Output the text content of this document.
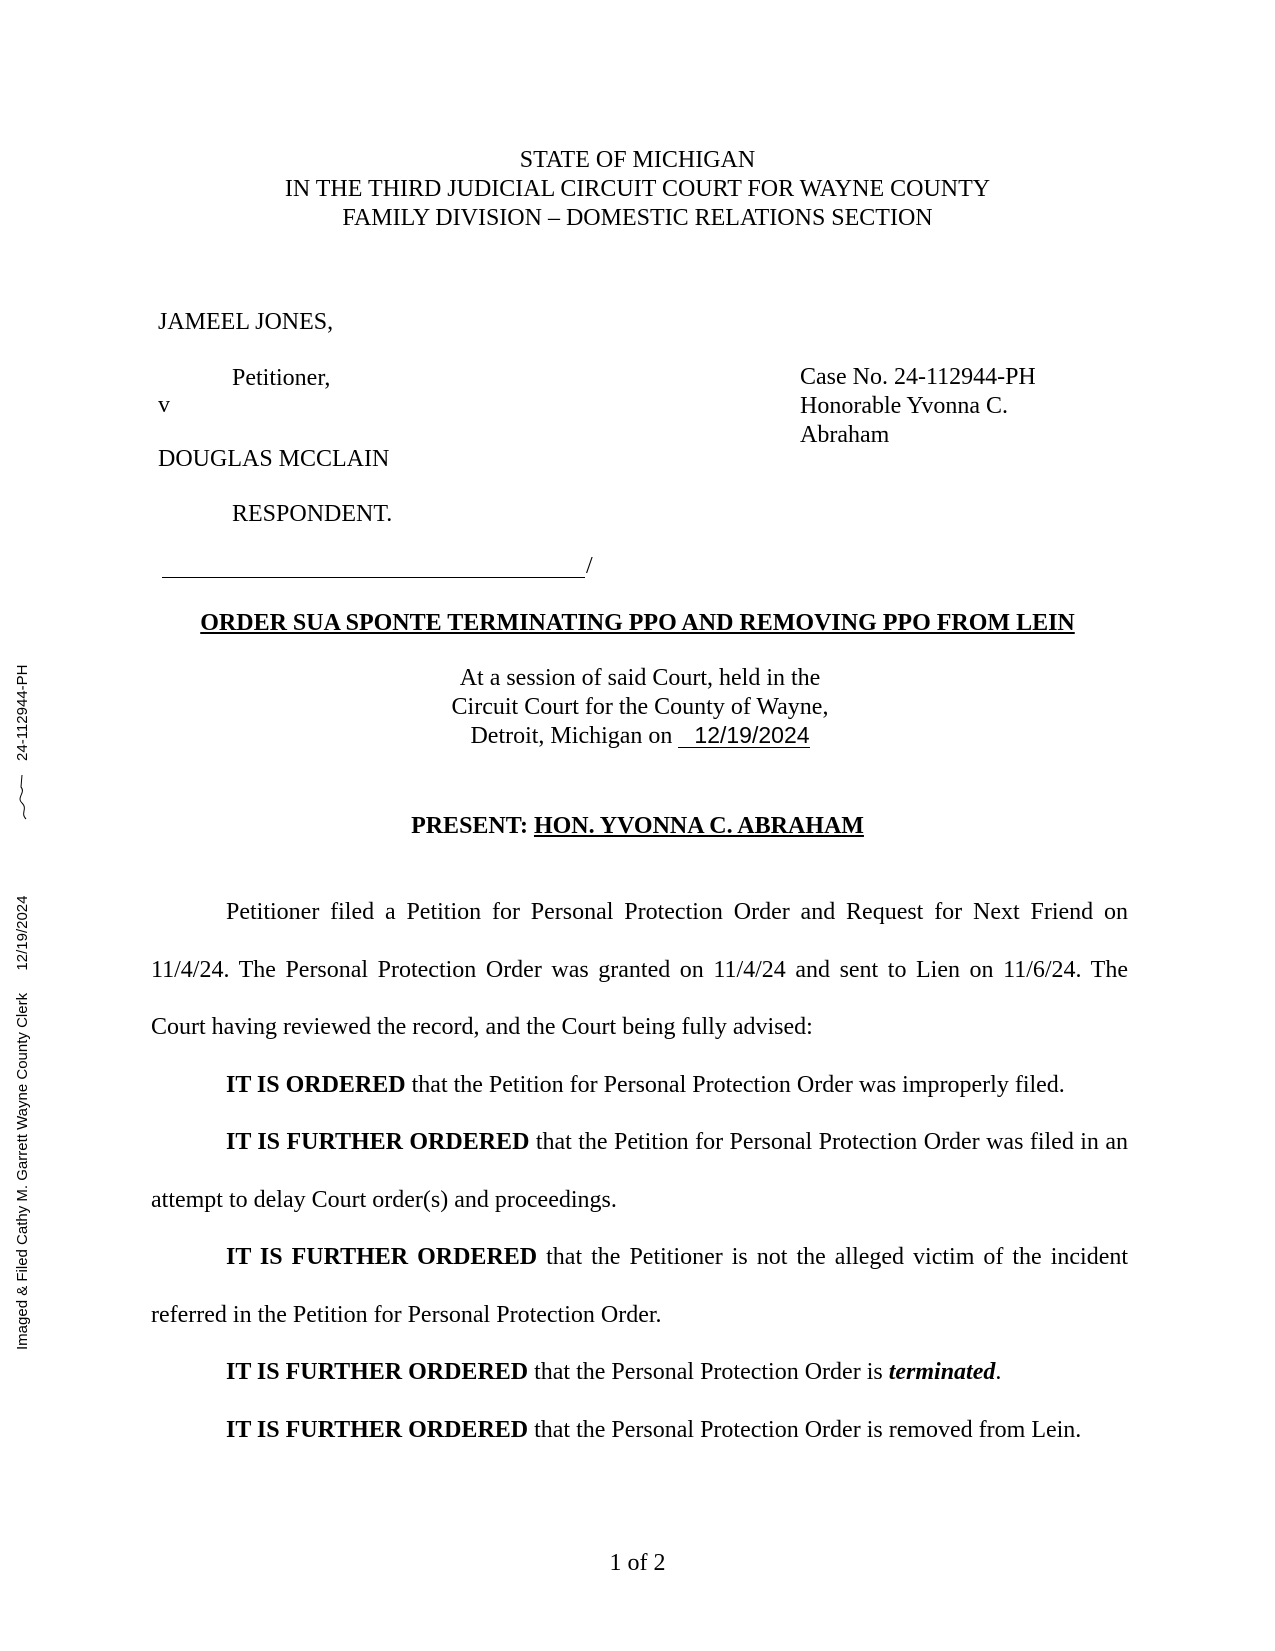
STATE OF MICHIGAN
IN THE THIRD JUDICIAL CIRCUIT COURT FOR WAYNE COUNTY
FAMILY DIVISION – DOMESTIC RELATIONS SECTION
JAMEEL JONES,
Petitioner,
v
DOUGLAS MCCLAIN
RESPONDENT.
/
Case No. 24-112944-PH
Honorable Yvonna C.
Abraham
ORDER SUA SPONTE TERMINATING PPO AND REMOVING PPO FROM LEIN
At a session of said Court, held in the
Circuit Court for the County of Wayne,
Detroit, Michigan on 12/19/2024
PRESENT: HON. YVONNA C. ABRAHAM

Petitioner filed a Petition for Personal Protection Order and Request for Next Friend on 11/4/24. The Personal Protection Order was granted on 11/4/24 and sent to Lien on 11/6/24. The Court having reviewed the record, and the Court being fully advised:

IT IS ORDERED that the Petition for Personal Protection Order was improperly filed.

IT IS FURTHER ORDERED that the Petition for Personal Protection Order was filed in an attempt to delay Court order(s) and proceedings.

IT IS FURTHER ORDERED that the Petitioner is not the alleged victim of the incident referred in the Petition for Personal Protection Order.

IT IS FURTHER ORDERED that the Personal Protection Order is terminated.

IT IS FURTHER ORDERED that the Personal Protection Order is removed from Lein.

1 of 2
Imaged & Filed Cathy M. Garrett Wayne County Clerk  12/19/2024   24-112944-PH
